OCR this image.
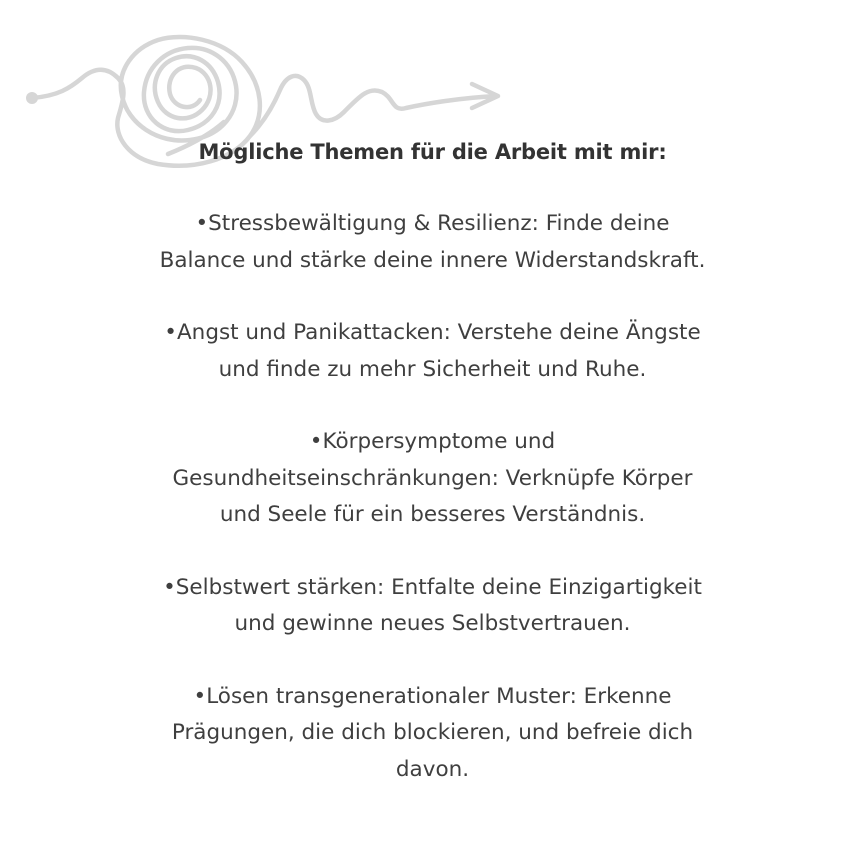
Mögliche Themen für die Arbeit mit mir:

•Stressbewältigung & Resilienz: Finde deine
Balance und stärke deine innere Widerstandskraft.

•Angst und Panikattacken: Verstehe deine Ängste
und finde zu mehr Sicherheit und Ruhe.

•Körpersymptome und
Gesundheitseinschränkungen: Verknüpfe Körper
und Seele für ein besseres Verständnis.

•Selbstwert stärken: Entfalte deine Einzigartigkeit
und gewinne neues Selbstvertrauen.

•Lösen transgenerationaler Muster: Erkenne
Prägungen, die dich blockieren, und befreie dich
davon.
